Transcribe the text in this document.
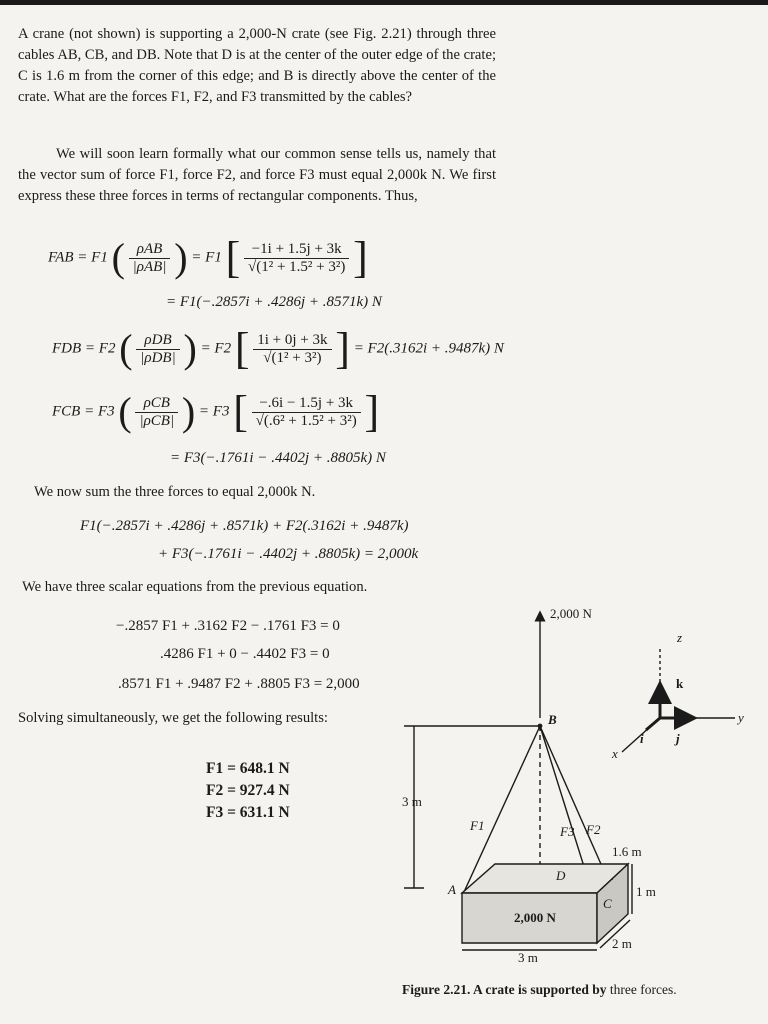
A crane (not shown) is supporting a 2,000-N crate (see Fig. 2.21) through three cables AB, CB, and DB. Note that D is at the center of the outer edge of the crate; C is 1.6 m from the corner of this edge; and B is directly above the center of the crate. What are the forces F1, F2, and F3 transmitted by the cables?

We will soon learn formally what our common sense tells us, namely that the vector sum of force F1, force F2, and force F3 must equal 2,000k N. We first express these three forces in terms of rectangular components. Thus,

FAB = F1 ( $\frac{\text{ρAB}}{\text{|ρAB|}}$ ) = F1 [ $\frac{-1i + 1.5j + 3k}{\text{√(1² + 1.5² + 3²)}}$ ]
= F1(−.2857i + .4286j + .8571k) N
FDB = F2 ( $\frac{\text{ρDB}}{\text{|ρDB|}}$ ) = F2 [ $\frac{1i + 0j + 3k}{\text{√(1² + 3²)}}$ ] = F2(.3162i + .9487k) N
FCB = F3 ( $\frac{\text{ρCB}}{\text{|ρCB|}}$ ) = F3 [ $\frac{-.6i - 1.5j + 3k}{\text{√(.6² + 1.5² + 3²)}}$ ]
= F3(−.1761i − .4402j + .8805k) N
We now sum the three forces to equal 2,000k N.
F1(−.2857i + .4286j + .8571k) + F2(.3162i + .9487k)
+ F3(−.1761i − .4402j + .8805k) = 2,000k
We have three scalar equations from the previous equation.
−.2857 F1 + .3162 F2 − .1761 F3 = 0
.4286 F1 + 0 − .4402 F3 = 0
.8571 F1 + .9487 F2 + .8805 F3 = 2,000
Solving simultaneously, we get the following results:
F1 = 648.1 N
F2 = 927.4 N
F3 = 631.1 N
2,000 N
z
k
y
x
i j
B
3 m
F1	F3 F2
1.6 m
A
D
C
1 m
2 m
3 m
2,000 N
Figure 2.21. A crate is supported by three forces.
